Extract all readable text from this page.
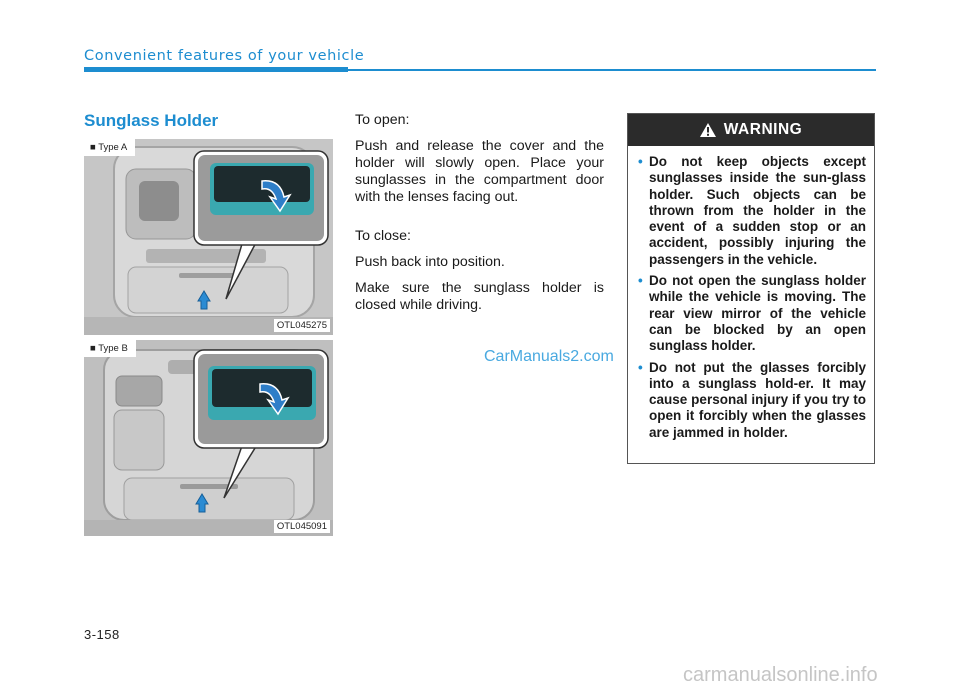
Convenient features of your vehicle
Sunglass Holder
■ Type A
OTL045275
■ Type B
OTL045091

To open:

Push and release the cover and the holder will slowly open. Place your sunglasses in the compartment door with the lenses facing out.

To close:

Push back into position.

Make sure the sunglass holder is closed while driving.

CarManuals2.com
WARNING
• Do not keep objects except sunglasses inside the sun-glass holder. Such objects can be thrown from the holder in the event of a sudden stop or an accident, possibly injuring the passengers in the vehicle.
• Do not open the sunglass holder while the vehicle is moving. The rear view mirror of the vehicle can be blocked by an open sunglass holder.
• Do not put the glasses forcibly into a sunglass hold-er. It may cause personal injury if you try to open it forcibly when the glasses are jammed in holder.
3-158
carmanualsonline.info
